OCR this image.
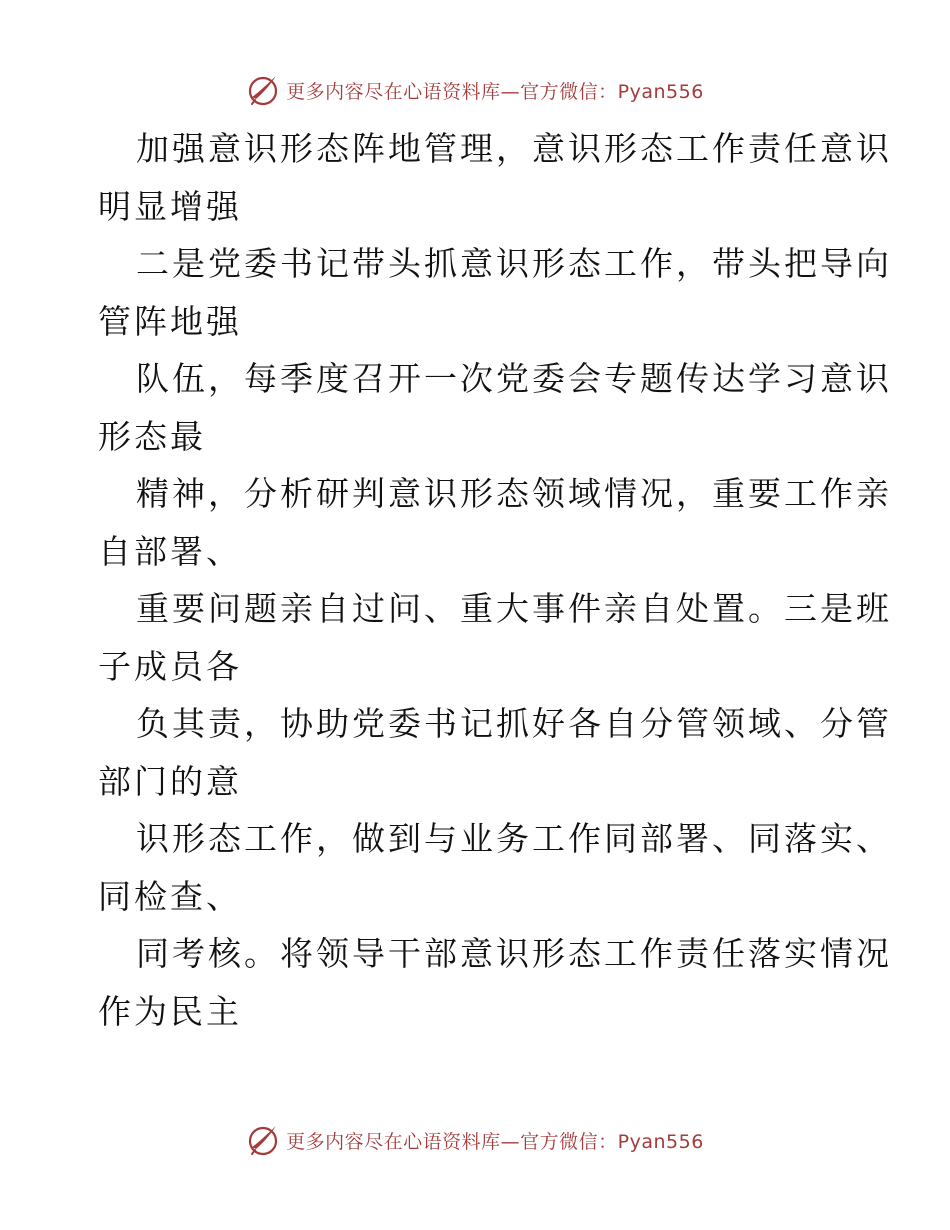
更多内容尽在心语资料库—官方微信：Pyan556
加强意识形态阵地管理，意识形态工作责任意识
明显增强
二是党委书记带头抓意识形态工作，带头把导向
管阵地强
队伍，每季度召开一次党委会专题传达学习意识
形态最
精神，分析研判意识形态领域情况，重要工作亲
自部署、
重要问题亲自过问、重大事件亲自处置。三是班
子成员各
负其责，协助党委书记抓好各自分管领域、分管
部门的意
识形态工作，做到与业务工作同部署、同落实、
同检查、
同考核。将领导干部意识形态工作责任落实情况
作为民主
更多内容尽在心语资料库—官方微信：Pyan556
